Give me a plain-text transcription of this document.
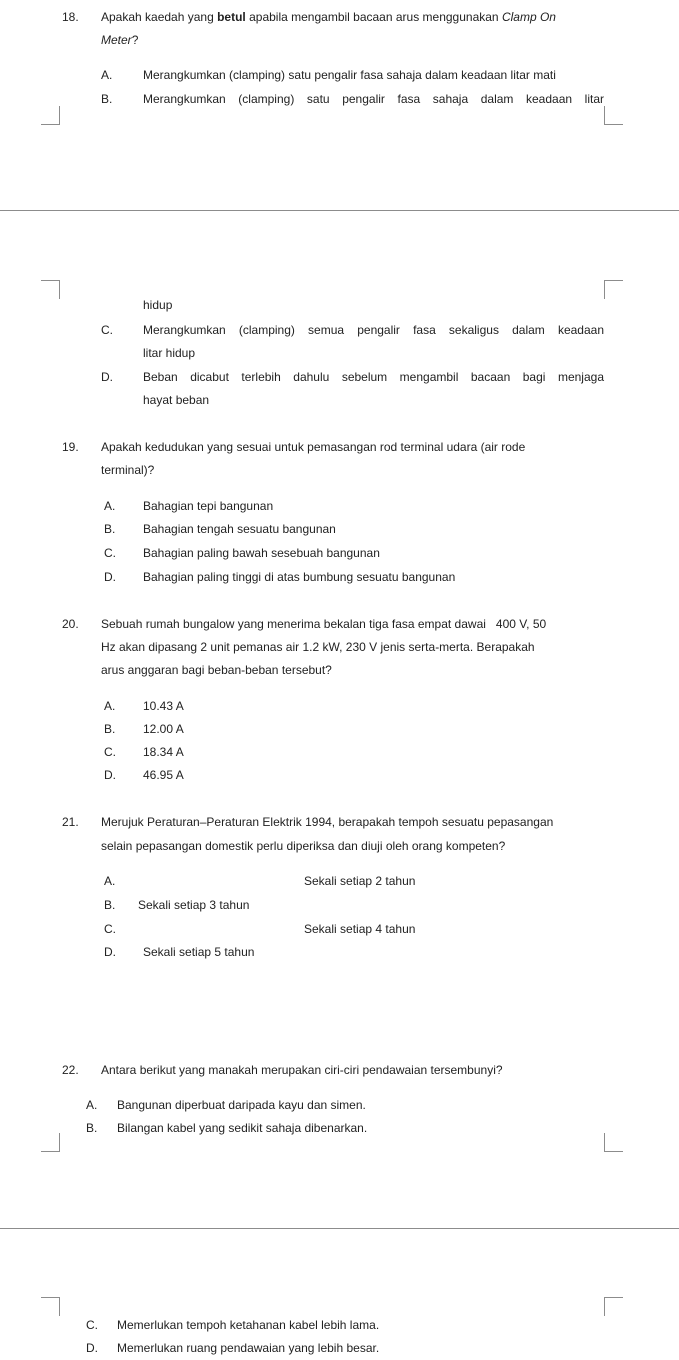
18. Apakah kaedah yang betul apabila mengambil bacaan arus menggunakan Clamp On
Meter?
A.	Merangkumkan (clamping) satu pengalir fasa sahaja dalam keadaan litar mati
B.	Merangkumkan (clamping) satu pengalir fasa sahaja dalam keadaan litar
hidup
C.	Merangkumkan (clamping) semua pengalir fasa sekaligus dalam keadaan
litar hidup
D.	Beban dicabut terlebih dahulu sebelum mengambil bacaan bagi menjaga
hayat beban
19. Apakah kedudukan yang sesuai untuk pemasangan rod terminal udara (air rode
terminal)?
A. Bahagian tepi bangunan
B. Bahagian tengah sesuatu bangunan
C. Bahagian paling bawah sesebuah bangunan
D. Bahagian paling tinggi di atas bumbung sesuatu bangunan
20. Sebuah rumah bungalow yang menerima bekalan tiga fasa empat dawai   400 V, 50
Hz akan dipasang 2 unit pemanas air 1.2 kW, 230 V jenis serta-merta. Berapakah
arus anggaran bagi beban-beban tersebut?
A. 10.43 A
B. 12.00 A
C. 18.34 A
D. 46.95 A
21. Merujuk Peraturan–Peraturan Elektrik 1994, berapakah tempoh sesuatu pepasangan
selain pepasangan domestik perlu diperiksa dan diuji oleh orang kompeten?
A.	Sekali setiap 2 tahun
B. Sekali setiap 3 tahun
C.	Sekali setiap 4 tahun
D. Sekali setiap 5 tahun
22. Antara berikut yang manakah merupakan ciri-ciri pendawaian tersembunyi?
A. Bangunan diperbuat daripada kayu dan simen.
B. Bilangan kabel yang sedikit sahaja dibenarkan.
C. Memerlukan tempoh ketahanan kabel lebih lama.
D. Memerlukan ruang pendawaian yang lebih besar.
